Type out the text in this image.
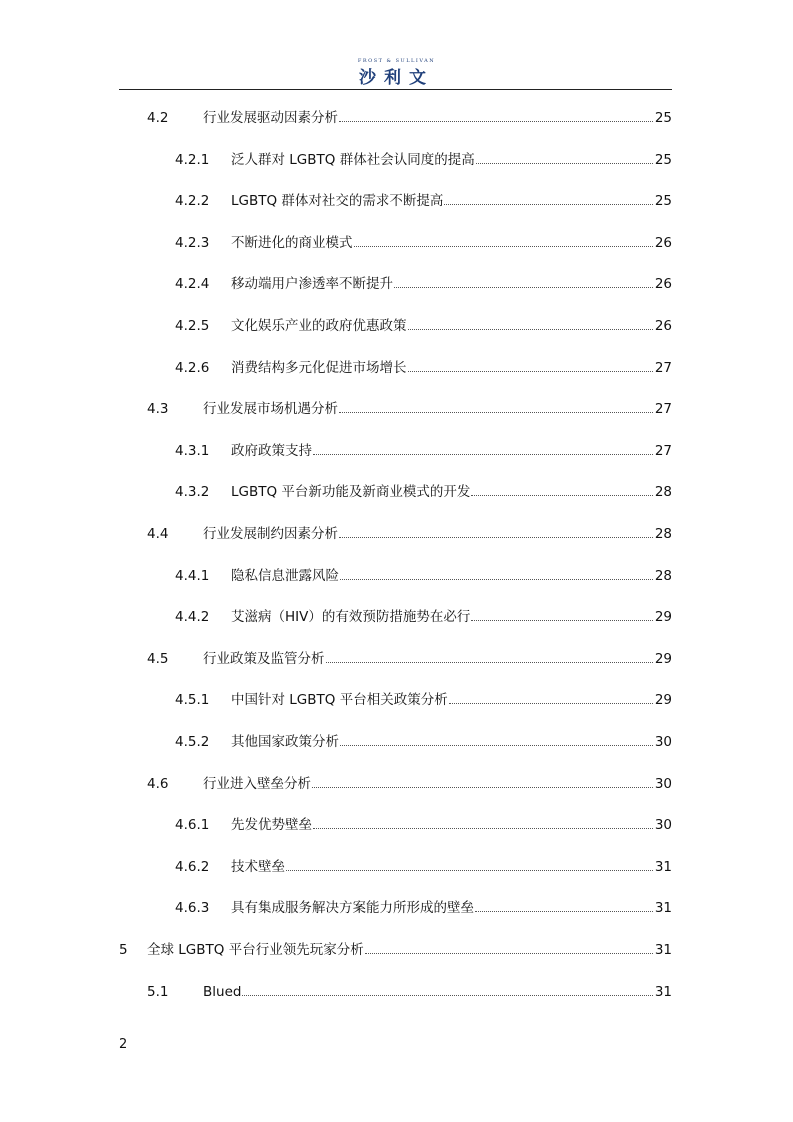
FROST & SULLIVAN
沙利文
4.2	行业发展驱动因素分析	25
4.2.1	泛人群对 LGBTQ 群体社会认同度的提高	25
4.2.2	LGBTQ 群体对社交的需求不断提高	25
4.2.3	不断进化的商业模式	26
4.2.4	移动端用户渗透率不断提升	26
4.2.5	文化娱乐产业的政府优惠政策	26
4.2.6	消费结构多元化促进市场增长	27
4.3	行业发展市场机遇分析	27
4.3.1	政府政策支持	27
4.3.2	LGBTQ 平台新功能及新商业模式的开发	28
4.4	行业发展制约因素分析	28
4.4.1	隐私信息泄露风险	28
4.4.2	艾滋病（HIV）的有效预防措施势在必行	29
4.5	行业政策及监管分析	29
4.5.1	中国针对 LGBTQ 平台相关政策分析	29
4.5.2	其他国家政策分析	30
4.6	行业进入壁垒分析	30
4.6.1	先发优势壁垒	30
4.6.2	技术壁垒	31
4.6.3	具有集成服务解决方案能力所形成的壁垒	31
5	全球 LGBTQ 平台行业领先玩家分析	31
5.1	Blued	31
2
